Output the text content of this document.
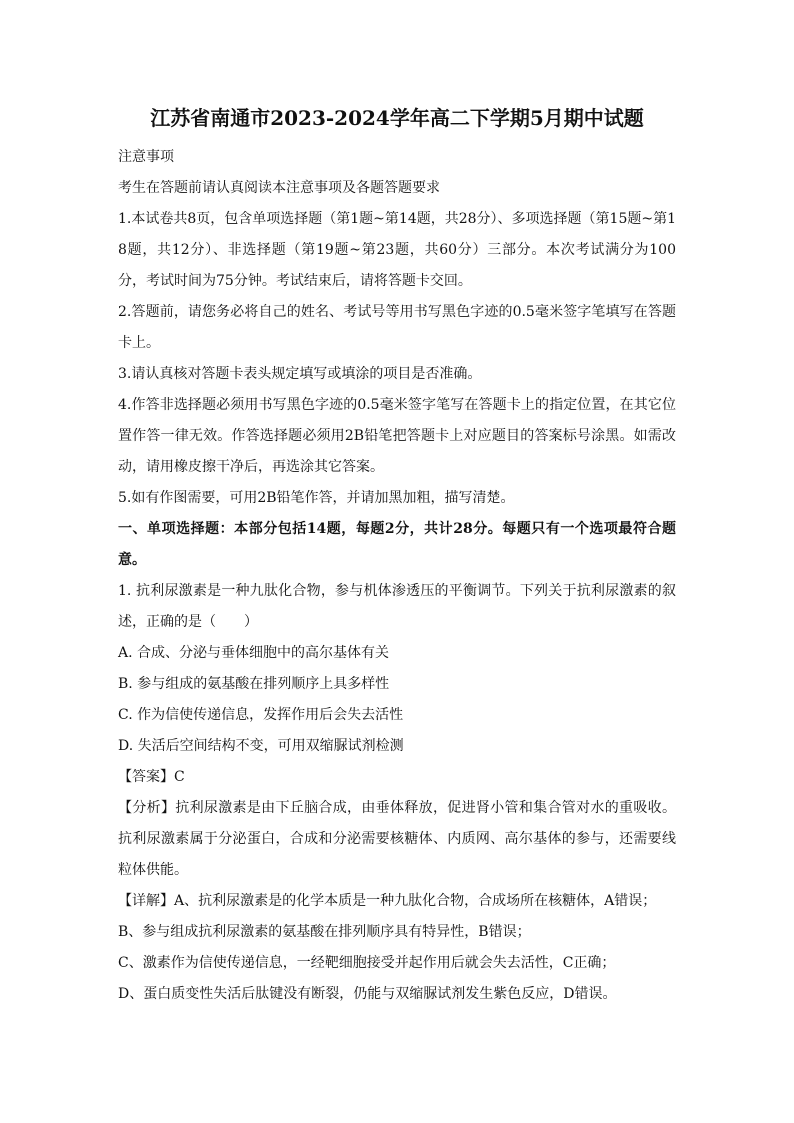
江苏省南通市2023-2024学年高二下学期5月期中试题

注意事项

考生在答题前请认真阅读本注意事项及各题答题要求

1.本试卷共8页，包含单项选择题（第1题~第14题，共28分）、多项选择题（第15题~第18题，共12分）、非选择题（第19题~第23题，共60分）三部分。本次考试满分为100分，考试时间为75分钟。考试结束后，请将答题卡交回。

2.答题前，请您务必将自己的姓名、考试号等用书写黑色字迹的0.5毫米签字笔填写在答题卡上。

3.请认真核对答题卡表头规定填写或填涂的项目是否准确。

4.作答非选择题必须用书写黑色字迹的0.5毫米签字笔写在答题卡上的指定位置，在其它位置作答一律无效。作答选择题必须用2B铅笔把答题卡上对应题目的答案标号涂黑。如需改动，请用橡皮擦干净后，再选涂其它答案。

5.如有作图需要，可用2B铅笔作答，并请加黑加粗，描写清楚。

一、单项选择题：本部分包括14题，每题2分，共计28分。每题只有一个选项最符合题意。

1. 抗利尿激素是一种九肽化合物，参与机体渗透压的平衡调节。下列关于抗利尿激素的叙述，正确的是（　　）

A. 合成、分泌与垂体细胞中的高尔基体有关

B. 参与组成的氨基酸在排列顺序上具多样性

C. 作为信使传递信息，发挥作用后会失去活性

D. 失活后空间结构不变，可用双缩脲试剂检测

【答案】C

【分析】抗利尿激素是由下丘脑合成，由垂体释放，促进肾小管和集合管对水的重吸收。抗利尿激素属于分泌蛋白，合成和分泌需要核糖体、内质网、高尔基体的参与，还需要线粒体供能。

【详解】A、抗利尿激素是的化学本质是一种九肽化合物，合成场所在核糖体，A错误；

B、参与组成抗利尿激素的氨基酸在排列顺序具有特异性，B错误；

C、激素作为信使传递信息，一经靶细胞接受并起作用后就会失去活性，C正确；

D、蛋白质变性失活后肽键没有断裂，仍能与双缩脲试剂发生紫色反应，D错误。
